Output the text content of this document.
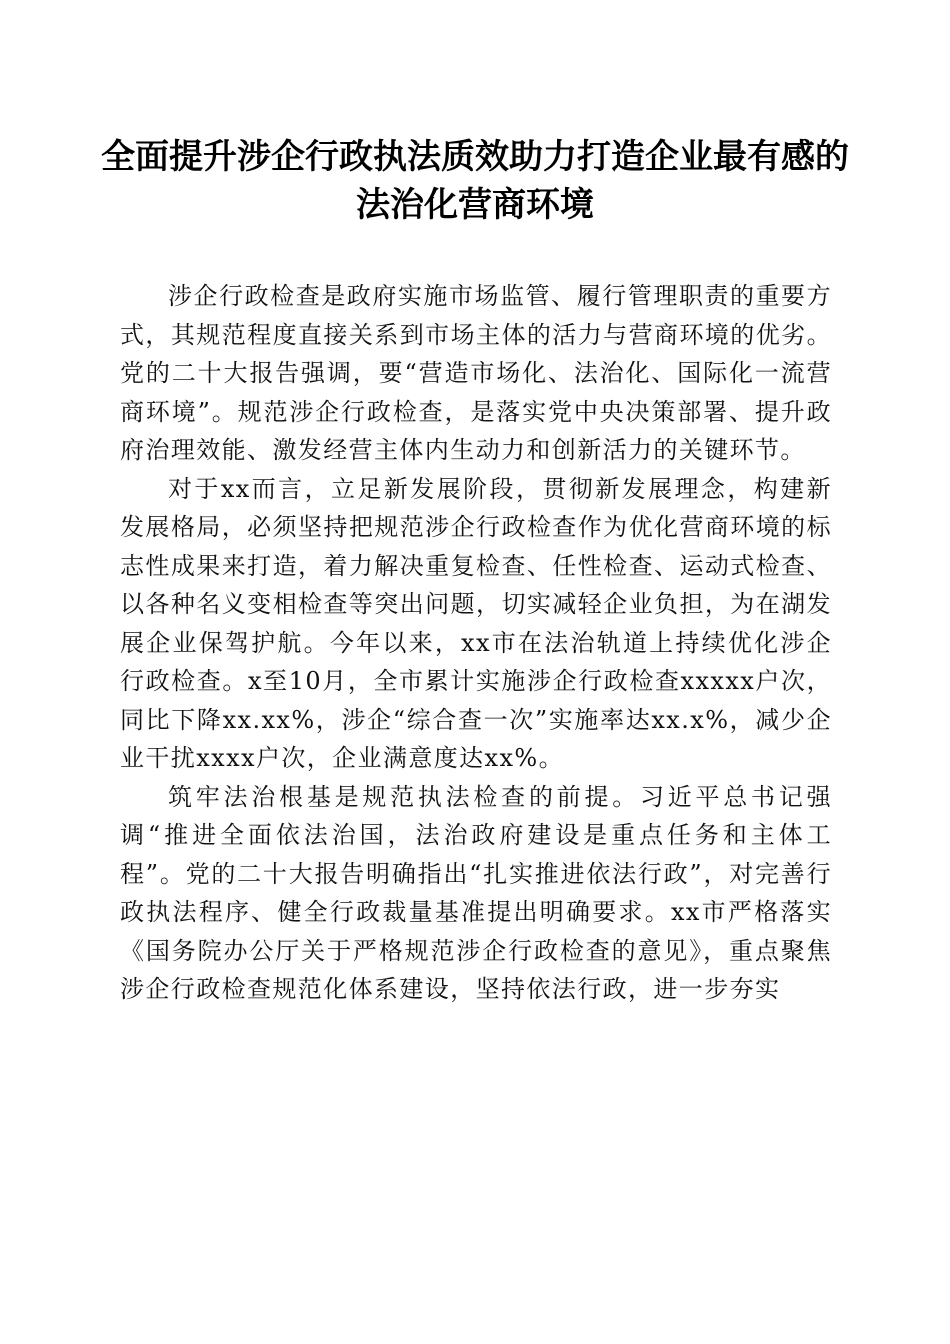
全面提升涉企行政执法质效助力打造企业最有感的法治化营商环境

涉企行政检查是政府实施市场监管、履行管理职责的重要方式，其规范程度直接关系到市场主体的活力与营商环境的优劣。党的二十大报告强调，要“营造市场化、法治化、国际化一流营商环境”。规范涉企行政检查，是落实党中央决策部署、提升政府治理效能、激发经营主体内生动力和创新活力的关键环节。

对于xx而言，立足新发展阶段，贯彻新发展理念，构建新发展格局，必须坚持把规范涉企行政检查作为优化营商环境的标志性成果来打造，着力解决重复检查、任性检查、运动式检查、以各种名义变相检查等突出问题，切实减轻企业负担，为在湖发展企业保驾护航。今年以来，xx市在法治轨道上持续优化涉企行政检查。x至10月，全市累计实施涉企行政检查xxxxx户次，同比下降xx.xx%，涉企“综合查一次”实施率达xx.x%，减少企业干扰xxxx户次，企业满意度达xx%。

筑牢法治根基是规范执法检查的前提。习近平总书记强调“推进全面依法治国，法治政府建设是重点任务和主体工程”。党的二十大报告明确指出“扎实推进依法行政”，对完善行政执法程序、健全行政裁量基准提出明确要求。xx市严格落实《国务院办公厅关于严格规范涉企行政检查的意见》，重点聚焦涉企行政检查规范化体系建设，坚持依法行政，进一步夯实
